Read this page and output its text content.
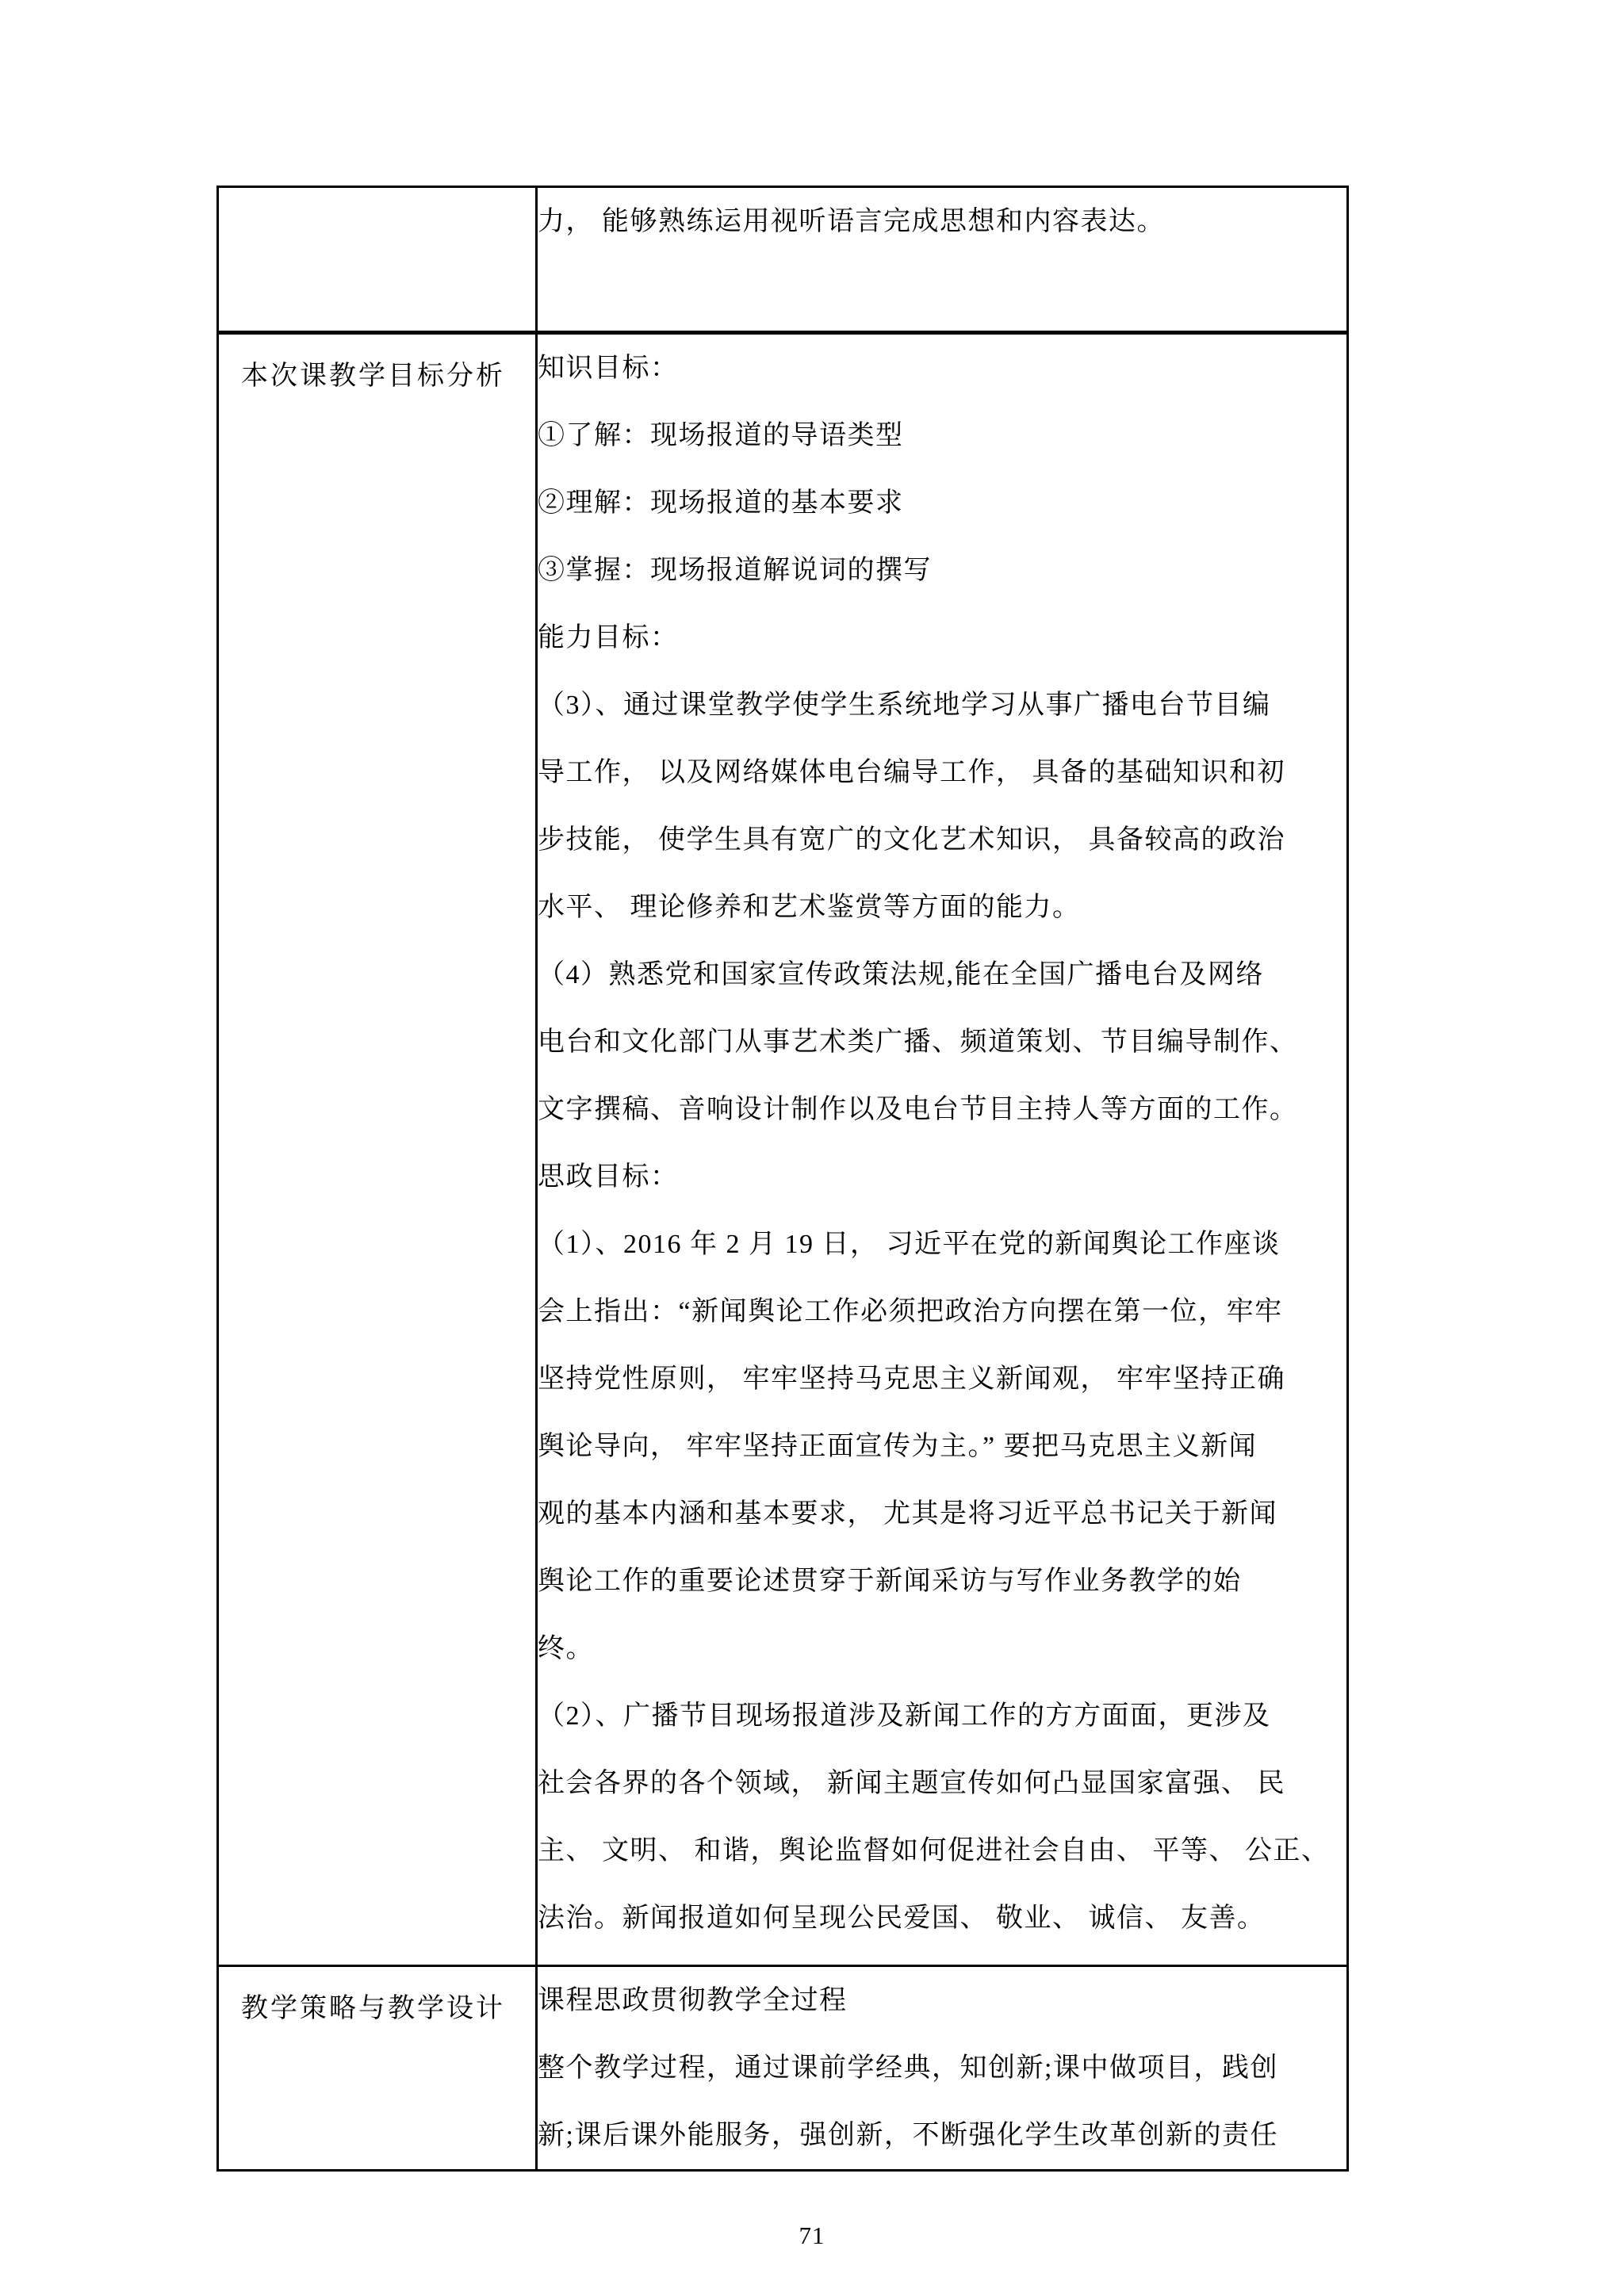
	力， 能够熟练运用视听语言完成思想和内容表达。

本次课教学目标分析	知识目标：
①了解：现场报道的导语类型
②理解：现场报道的基本要求
③掌握：现场报道解说词的撰写
能力目标：
（3）、通过课堂教学使学生系统地学习从事广播电台节目编
导工作， 以及网络媒体电台编导工作， 具备的基础知识和初
步技能， 使学生具有宽广的文化艺术知识， 具备较高的政治
水平、 理论修养和艺术鉴赏等方面的能力。
（4）熟悉党和国家宣传政策法规,能在全国广播电台及网络
电台和文化部门从事艺术类广播、频道策划、节目编导制作、
文字撰稿、音响设计制作以及电台节目主持人等方面的工作。
思政目标：
（1）、2016 年 2 月 19 日， 习近平在党的新闻舆论工作座谈
会上指出：“新闻舆论工作必须把政治方向摆在第一位，牢牢
坚持党性原则， 牢牢坚持马克思主义新闻观， 牢牢坚持正确
舆论导向， 牢牢坚持正面宣传为主。” 要把马克思主义新闻
观的基本内涵和基本要求， 尤其是将习近平总书记关于新闻
舆论工作的重要论述贯穿于新闻采访与写作业务教学的始
终。
（2）、广播节目现场报道涉及新闻工作的方方面面，更涉及
社会各界的各个领域， 新闻主题宣传如何凸显国家富强、 民
主、 文明、 和谐，舆论监督如何促进社会自由、 平等、 公正、
法治。新闻报道如何呈现公民爱国、 敬业、 诚信、 友善。

教学策略与教学设计	课程思政贯彻教学全过程
整个教学过程，通过课前学经典，知创新;课中做项目，践创
新;课后课外能服务，强创新，不断强化学生改革创新的责任
71
